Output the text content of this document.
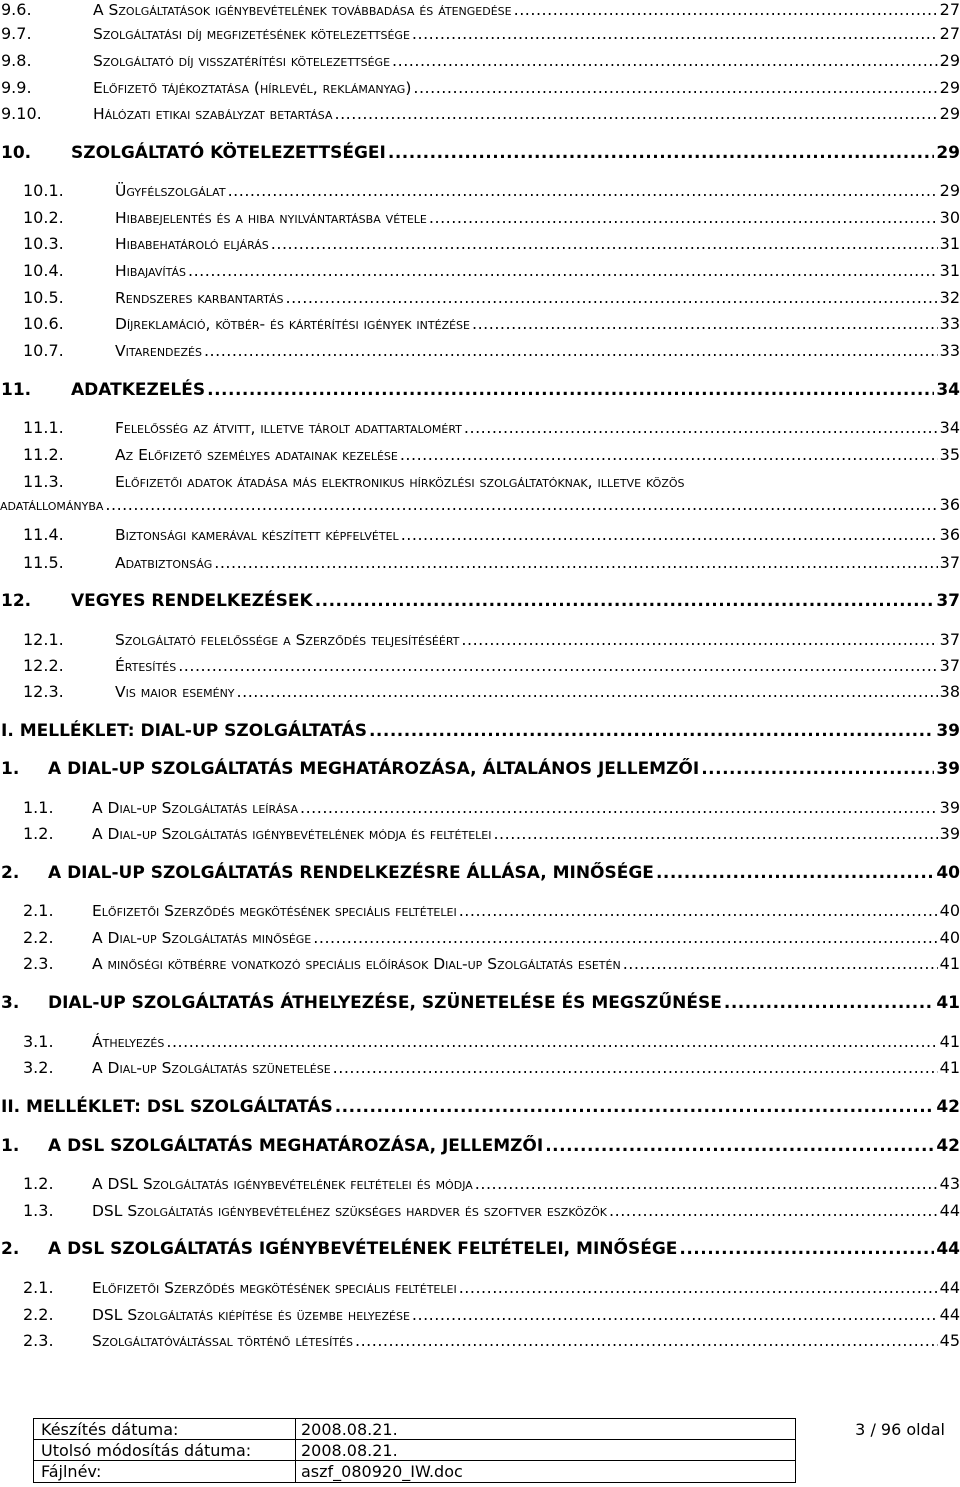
9.6.	A Szolgáltatások igénybevételének továbbadása és átengedése .....	27
9.7.	Szolgáltatási díj megfizetésének kötelezettsége .....	27
9.8.	Szolgáltató díj visszatérítési kötelezettsége .....	29
9.9.	Előfizető tájékoztatása (hírlevél, reklámanyag) .....	29
9.10.	Hálózati etikai szabályzat betartása .....	29
10.	SZOLGÁLTATÓ KÖTELEZETTSÉGEI .....	29
10.1.	Ügyfélszolgálat .....	29
10.2.	Hibabejelentés és a hiba nyilvántartásba vétele .....	30
10.3.	Hibabehatároló eljárás .....	31
10.4.	Hibajavítás .....	31
10.5.	Rendszeres karbantartás .....	32
10.6.	Díjreklamáció, kötbér- és kártérítési igények intézése .....	33
10.7.	Vitarendezés .....	33
11.	ADATKEZELÉS .....	34
11.1.	Felelősség az átvitt, illetve tárolt adattartalomért .....	34
11.2.	Az Előfizető személyes adatainak kezelése .....	35
11.3.	Előfizetői adatok átadása más elektronikus hírközlési szolgáltatóknak, illetve közös
adatállományba .....	36
11.4.	Biztonsági kamerával készített képfelvétel .....	36
11.5.	Adatbiztonság .....	37
12.	VEGYES RENDELKEZÉSEK .....	37
12.1.	Szolgáltató felelőssége a Szerződés teljesítéséért .....	37
12.2.	Értesítés .....	37
12.3.	Vis maior esemény .....	38
I. MELLÉKLET: DIAL-UP SZOLGÁLTATÁS .....	39
1.	A DIAL-UP SZOLGÁLTATÁS MEGHATÁROZÁSA, ÁLTALÁNOS JELLEMZŐI .....	39
1.1.	A Dial-up Szolgáltatás leírása .....	39
1.2.	A Dial-up Szolgáltatás igénybevételének módja és feltételei .....	39
2.	A DIAL-UP SZOLGÁLTATÁS RENDELKEZÉSRE ÁLLÁSA, MINŐSÉGE .....	40
2.1.	Előfizetői Szerződés megkötésének speciális feltételei .....	40
2.2.	A Dial-up Szolgáltatás minősége .....	40
2.3.	A minőségi kötbérre vonatkozó speciális előírások Dial-up Szolgáltatás esetén .....	41
3.	DIAL-UP SZOLGÁLTATÁS ÁTHELYEZÉSE, SZÜNETELÉSE ÉS MEGSZŰNÉSE .....	41
3.1.	Áthelyezés .....	41
3.2.	A Dial-up Szolgáltatás szünetelése .....	41
II. MELLÉKLET: DSL SZOLGÁLTATÁS .....	42
1.	A DSL SZOLGÁLTATÁS MEGHATÁROZÁSA, JELLEMZŐI .....	42
1.2.	A DSL Szolgáltatás igénybevételének feltételei és módja .....	43
1.3.	DSL Szolgáltatás igénybevételéhez szükséges hardver és szoftver eszközök .....	44
2.	A DSL SZOLGÁLTATÁS IGÉNYBEVÉTELÉNEK FELTÉTELEI, MINŐSÉGE .....	44
2.1.	Előfizetői Szerződés megkötésének speciális feltételei .....	44
2.2.	DSL Szolgáltatás kiépítése és üzembe helyezése .....	44
2.3.	Szolgáltatóváltással történő létesítés .....	45
Készítés dátuma:	2008.08.21.
Utolsó módosítás dátuma:	2008.08.21.
Fájlnév:	aszf_080920_IW.doc
3 / 96 oldal
